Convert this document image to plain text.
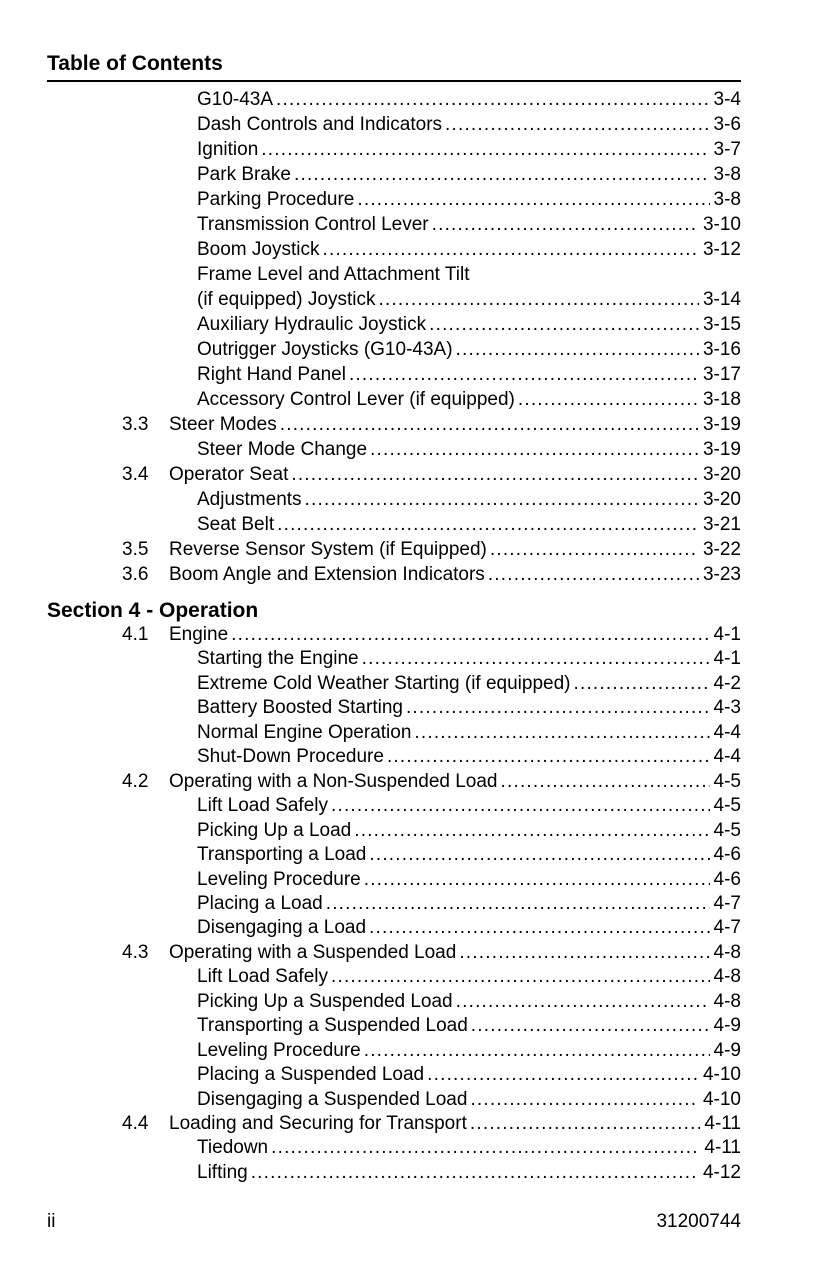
Table of Contents
G10-43A .....	3-4
Dash Controls and Indicators .....	3-6
Ignition .....	3-7
Park Brake .....	3-8
Parking Procedure .....	3-8
Transmission Control Lever .....	3-10
Boom Joystick .....	3-12
Frame Level and Attachment Tilt
(if equipped) Joystick .....	3-14
Auxiliary Hydraulic Joystick .....	3-15
Outrigger Joysticks (G10-43A) .....	3-16
Right Hand Panel .....	3-17
Accessory Control Lever (if equipped) .....	3-18
3.3 Steer Modes .....	3-19
Steer Mode Change .....	3-19
3.4 Operator Seat .....	3-20
Adjustments .....	3-20
Seat Belt .....	3-21
3.5 Reverse Sensor System (if Equipped) .....	3-22
3.6 Boom Angle and Extension Indicators .....	3-23
Section 4 - Operation
4.1 Engine .....	4-1
Starting the Engine .....	4-1
Extreme Cold Weather Starting (if equipped) .....	4-2
Battery Boosted Starting .....	4-3
Normal Engine Operation .....	4-4
Shut-Down Procedure .....	4-4
4.2 Operating with a Non-Suspended Load .....	4-5
Lift Load Safely .....	4-5
Picking Up a Load .....	4-5
Transporting a Load .....	4-6
Leveling Procedure .....	4-6
Placing a Load .....	4-7
Disengaging a Load .....	4-7
4.3 Operating with a Suspended Load .....	4-8
Lift Load Safely .....	4-8
Picking Up a Suspended Load .....	4-8
Transporting a Suspended Load .....	4-9
Leveling Procedure .....	4-9
Placing a Suspended Load .....	4-10
Disengaging a Suspended Load .....	4-10
4.4 Loading and Securing for Transport .....	4-11
Tiedown .....	4-11
Lifting .....	4-12
ii	31200744
